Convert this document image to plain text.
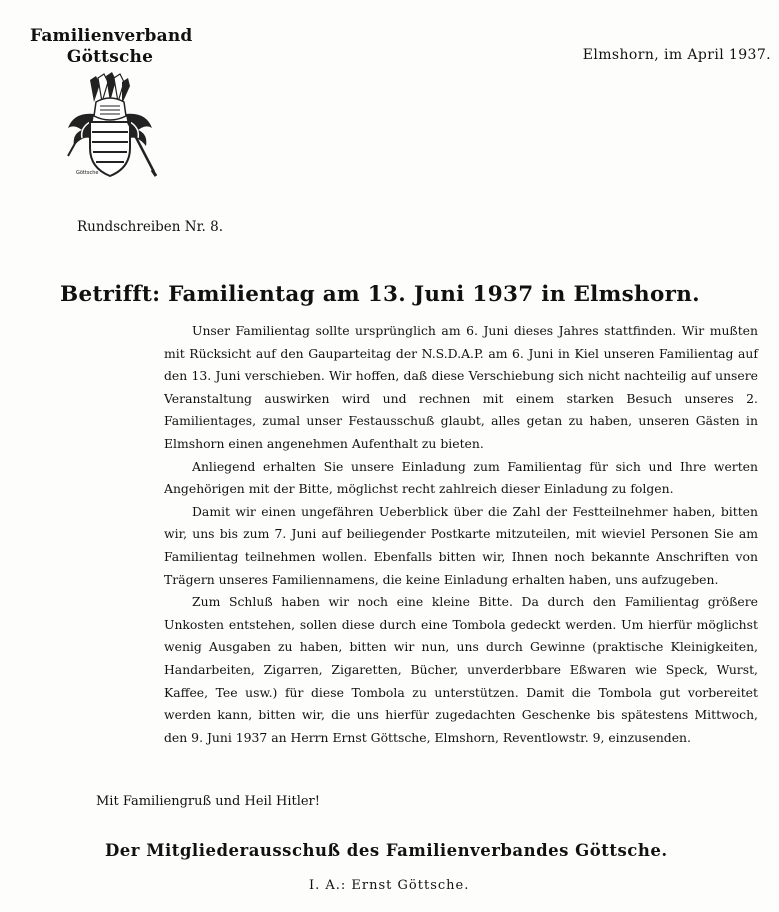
Familienverband
Göttsche
Göttsche
Elmshorn, im April 1937.
Rundschreiben Nr. 8.
Betrifft: Familientag am 13. Juni 1937 in Elmshorn.

Unser Familientag sollte ursprünglich am 6. Juni dieses Jahres stattfinden. Wir mußten mit Rücksicht auf den Gauparteitag der N.S.D.A.P. am 6. Juni in Kiel unseren Familientag auf den 13. Juni verschieben. Wir hoffen, daß diese Verschiebung sich nicht nachteilig auf unsere Veranstaltung auswirken wird und rechnen mit einem starken Besuch unseres 2. Familientages, zumal unser Festausschuß glaubt, alles getan zu haben, unseren Gästen in Elmshorn einen angenehmen Aufenthalt zu bieten.

Anliegend erhalten Sie unsere Einladung zum Familientag für sich und Ihre werten Angehörigen mit der Bitte, möglichst recht zahlreich dieser Einladung zu folgen.

Damit wir einen ungefähren Ueberblick über die Zahl der Festteilnehmer haben, bitten wir, uns bis zum 7. Juni auf beiliegender Postkarte mitzuteilen, mit wieviel Personen Sie am Familientag teilnehmen wollen. Ebenfalls bitten wir, Ihnen noch bekannte Anschriften von Trägern unseres Familiennamens, die keine Einladung erhalten haben, uns aufzugeben.

Zum Schluß haben wir noch eine kleine Bitte. Da durch den Familientag größere Unkosten entstehen, sollen diese durch eine Tombola gedeckt werden. Um hierfür möglichst wenig Ausgaben zu haben, bitten wir nun, uns durch Gewinne (praktische Kleinigkeiten, Handarbeiten, Zigarren, Zigaretten, Bücher, unverderbbare Eßwaren wie Speck, Wurst, Kaffee, Tee usw.) für diese Tombola zu unterstützen. Damit die Tombola gut vorbereitet werden kann, bitten wir, die uns hierfür zugedachten Geschenke bis spätestens Mittwoch, den 9. Juni 1937 an Herrn Ernst Göttsche, Elmshorn, Reventlowstr. 9, einzusenden.

Mit Familiengruß und Heil Hitler!
Der Mitgliederausschuß des Familienverbandes Göttsche.
I. A.: Ernst Göttsche.
